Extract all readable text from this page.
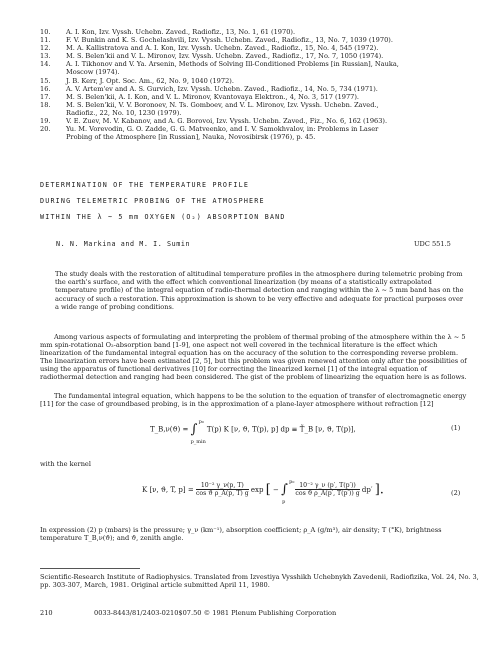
10. A. I. Kon, Izv. Vyssh. Uchebn. Zaved., Radiofiz., 13, No. 1, 61 (1970).
11. F. V. Bunkin and K. S. Gochelashvili, Izv. Vyssh. Uchebn. Zaved., Radiofiz., 13, No. 7, 1039 (1970).
12. M. A. Kallistratova and A. I. Kon, Izv. Vyssh. Uchebn. Zaved., Radiofiz., 15, No. 4, 545 (1972).
13. M. S. Belen'kii and V. L. Mironov, Izv. Vyssh. Uchebn. Zaved., Radiofiz., 17, No. 7, 1050 (1974).
14. A. I. Tikhonov and V. Ya. Arsenin, Methods of Solving Ill-Conditioned Problems [in Russian], Nauka,
Moscow (1974).
15. J. B. Kerr, J. Opt. Soc. Am., 62, No. 9, 1040 (1972).
16. A. V. Artem'ev and A. S. Gurvich, Izv. Vyssh. Uchebn. Zaved., Radiofiz., 14, No. 5, 734 (1971).
17. M. S. Belen'kii, A. I. Kon, and V. L. Mironov, Kvantovaya Elektron., 4, No. 3, 517 (1977).
18. M. S. Belen'kii, V. V. Boronoev, N. Ts. Gomboev, and V. L. Mironov, Izv. Vyssh. Uchebn. Zaved.,
Radiofiz., 22, No. 10, 1230 (1979).
19. V. E. Zuev, M. V. Kabanov, and A. G. Borovoi, Izv. Vyssh. Uchebn. Zaved., Fiz., No. 6, 162 (1963).
20. Yu. M. Vorevodin, G. O. Zadde, G. G. Matveenko, and I. V. Samokhvalov, in: Problems in Laser
Probing of the Atmosphere [in Russian], Nauka, Novosibirsk (1976), p. 45.
DETERMINATION OF THE TEMPERATURE PROFILE
DURING TELEMETRIC PROBING OF THE ATMOSPHERE
WITHIN THE λ ~ 5 mm OXYGEN (O₂) ABSORPTION BAND
N. N. Markina and M. I. Sumin	UDC 551.5
The study deals with the restoration of altitudinal temperature profiles in the atmosphere during telemetric probing from the earth's surface, and with the effect which conventional linearization (by means of a statistically extrapolated temperature profile) of the integral equation of radio-thermal detection and ranging within the λ ~ 5 mm band has on the accuracy of such a restoration. This approximation is shown to be very effective and adequate for practical purposes over a wide range of probing conditions.
Among various aspects of formulating and interpreting the problem of thermal probing of the atmosphere within the λ ~ 5 mm spin-rotational O₂-absorption band [1-9], one aspect not well covered in the technical literature is the effect which linearization of the fundamental integral equation has on the accuracy of the solution to the corresponding reverse problem. The linearization errors have been estimated [2, 5], but this problem was given renewed attention only after the possibilities of using the apparatus of functional derivatives [10] for correcting the linearized kernel [1] of the integral equation of radiothermal detection and ranging had been considered. The gist of the problem of linearizing the equation here is as follows.
The fundamental integral equation, which happens to be the solution to the equation of transfer of electromagnetic energy [11] for the case of groundbased probing, is in the approximation of a plane-layer atmosphere without refraction [12]
T_B,ν(ϑ) = ∫ p₀
p_min
T(p) K [ν, ϑ, T(p), p] dp ≡ T̃_B [ν, ϑ, T(p)],	(1)
with the kernel
K [ν, ϑ, T, $p] = \frac{\text{10⁻² γ\_ν(p, T)}}{\text{cos ϑ ρ\_A(p, T) g}}$ exp [ − ∫ p₀
p

$\frac{\text{10⁻² γ\_ν (p′, T(p′))}}{\text{cos ϑ ρ\_A(p′, T(p′)) g}} dp'$ ].	(2)
In expression (2) p (mbars) is the pressure; γ_ν (km⁻¹), absorption coefficient; ρ_A (g/m³), air density; T (°K), brightness temperature T_B,ν(ϑ); and ϑ, zenith angle.
Scientific-Research Institute of Radiophysics. Translated from Izvestiya Vysshikh Uchebnykh Zavedenii, Radiofizika, Vol. 24, No. 3, pp. 303-307, March, 1981. Original article submitted April 11, 1980.
210	0033-8443/81/2403-0210$07.50 © 1981 Plenum Publishing Corporation
